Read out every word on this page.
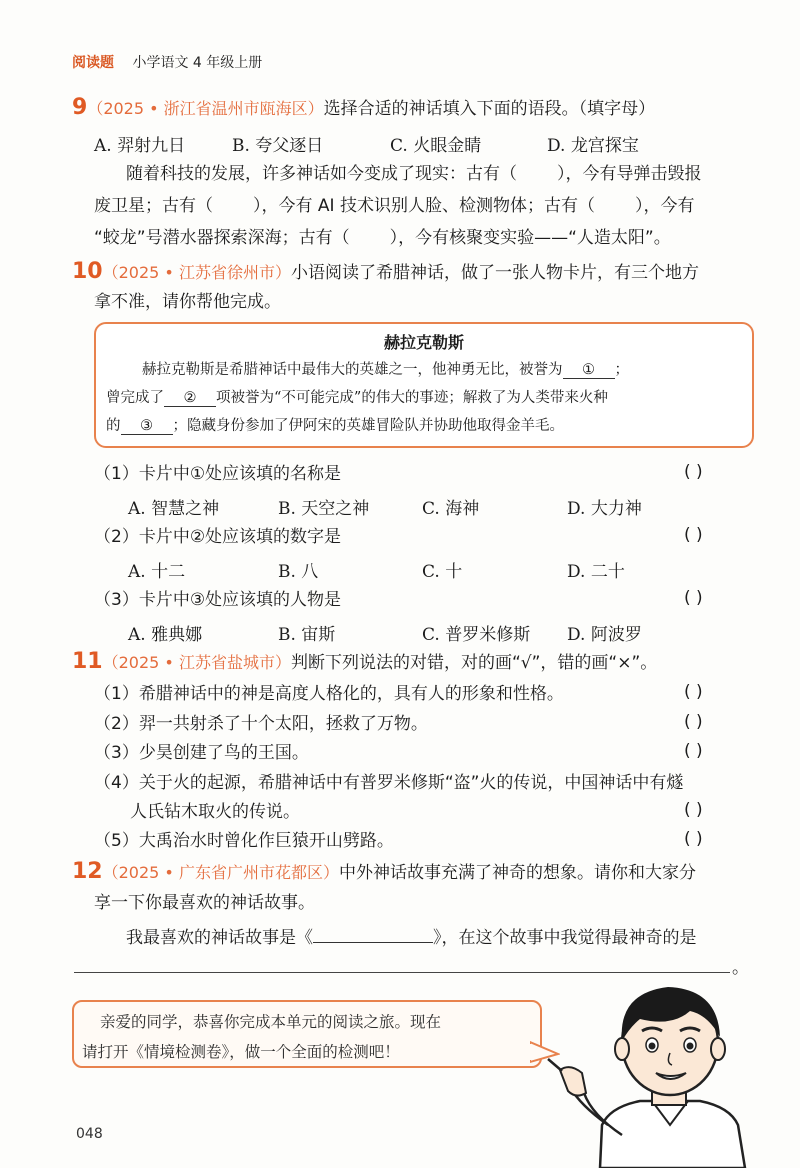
阅读题 小学语文 4 年级上册
9（2025 • 浙江省温州市瓯海区）选择合适的神话填入下面的语段。（填字母）
A. 羿射九日	B. 夸父逐日	C. 火眼金睛	D. 龙宫探宝
随着科技的发展，许多神话如今变成了现实：古有（ ），今有导弹击毁报
废卫星；古有（ ），今有 AI 技术识别人脸、检测物体；古有（ ），今有
“蛟龙”号潜水器探索深海；古有（ ），今有核聚变实验——“人造太阳”。
10（2025 • 江苏省徐州市）小语阅读了希腊神话，做了一张人物卡片，有三个地方
拿不准，请你帮他完成。
赫拉克勒斯
赫拉克勒斯是希腊神话中最伟大的英雄之一，他神勇无比，被誉为 ① ；
曾完成了 ② 项被誉为“不可能完成”的伟大的事迹；解救了为人类带来火种
的 ③ ；隐藏身份参加了伊阿宋的英雄冒险队并协助他取得金羊毛。
（1）卡片中①处应该填的名称是	( )
A. 智慧之神	B. 天空之神	C. 海神	D. 大力神
（2）卡片中②处应该填的数字是	( )
A. 十二	B. 八	C. 十	D. 二十
（3）卡片中③处应该填的人物是	( )
A. 雅典娜	B. 宙斯	C. 普罗米修斯 D. 阿波罗
11（2025 • 江苏省盐城市）判断下列说法的对错，对的画“√”，错的画“×”。
（1）希腊神话中的神是高度人格化的，具有人的形象和性格。	( )
（2）羿一共射杀了十个太阳，拯救了万物。	( )
（3）少昊创建了鸟的王国。	( )
（4）关于火的起源，希腊神话中有普罗米修斯“盗”火的传说，中国神话中有燧
人氏钻木取火的传说。	( )
（5）大禹治水时曾化作巨猿开山劈路。	( )
12（2025 • 广东省广州市花都区）中外神话故事充满了神奇的想象。请你和大家分
享一下你最喜欢的神话故事。
我最喜欢的神话故事是《	》，在这个故事中我觉得最神奇的是
。
亲爱的同学，恭喜你完成本单元的阅读之旅。现在
请打开《情境检测卷》，做一个全面的检测吧！
048
